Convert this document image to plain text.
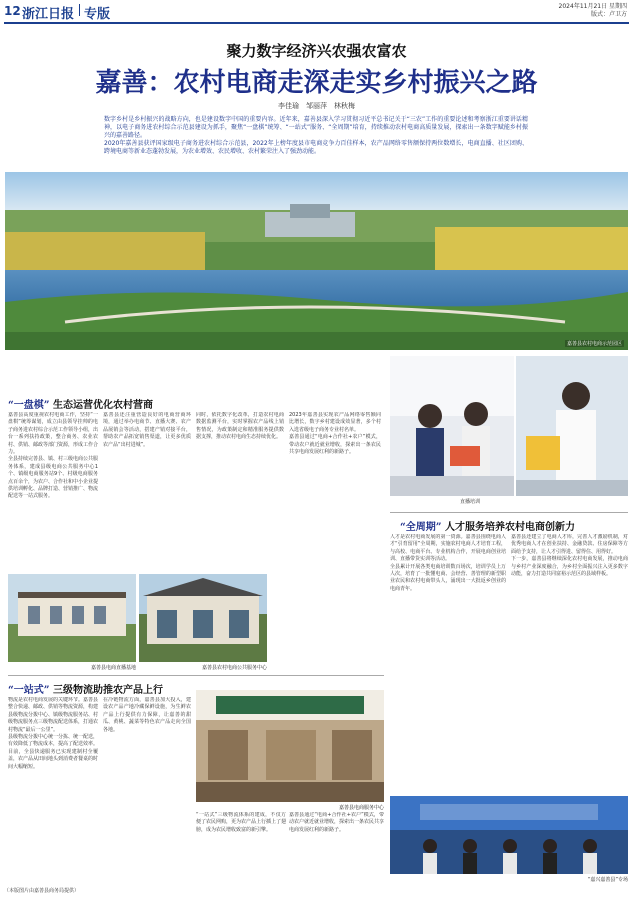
12 浙江日报 专版
2024年11月21日 星期四
版式：卢卫方
聚力数字经济兴农强农富农
嘉善：农村电商走深走实乡村振兴之路
李佳瑜　邹丽萍　林秋梅
数字乡村是乡村振兴的战略方向，也是建设数字中国的重要内容。近年来，嘉善县深入学习贯彻习近平总书记关于“三农”工作的重要论述和考察浙江重要讲话精神，以电子商务进农村综合示范县建设为抓手，聚焦“一盘棋”统筹、“一站式”服务、“全周期”培育，持续推动农村电商高质量发展，探索出一条数字赋能乡村振兴的嘉善路径。
2020年嘉善县获评国家级电子商务进农村综合示范县，2022年上榜年度县市电商竞争力百佳样本，农产品网络零售额保持两位数增长，电商直播、社区团购、跨境电商等新业态蓬勃发展，为农业增效、农民增收、农村繁荣注入了强劲动能。
嘉善县农村电商示范园区
“一盘棋” 生态运营优化农村营商

嘉善县高度重视农村电商工作，坚持“一盘棋”统筹谋划，成立由县领导挂帅的电子商务进农村综合示范工作领导小组，出台一系列扶持政策，整合商务、农业农村、供销、邮政等部门资源，形成工作合力。

全县持续完善县、镇、村三级电商公共服务体系，建成县级电商公共服务中心1个、镇级电商服务站9个、村级电商服务点百余个，为农户、合作社和中小企业提供培训孵化、品牌打造、营销推广、物流配送等一站式服务。

嘉善县还注重营造良好的电商营商环境，通过举办电商节、直播大赛、农产品展销会等活动，搭建产销对接平台，帮助农产品拓宽销售渠道，让更多优质农产品“出村进城”。

同时，依托数字化改革，打造农村电商数据监测平台，实时掌握农产品线上销售情况，为政策制定和精准服务提供数据支撑，推动农村电商生态持续优化。

2023年嘉善县实现农产品网络零售额同比增长，数字乡村建设成效显著，多个村入选省级电子商务专业村名单。

嘉善县通过“电商+合作社+农户”模式，带动农户就近就业增收，探索出一条农民共享电商发展红利的新路子。

嘉善县电商直播基地	嘉善县农村电商公共服务中心
“一站式” 三级物流助推农产品上行

物流是农村电商发展的关键环节。嘉善县整合快递、邮政、供销等物流资源，构建县级物流分拨中心、镇级物流服务站、村级物流服务点三级物流配送体系，打通农村物流“最后一公里”。

县级物流分拨中心统一分拣、统一配送，有效降低了物流成本，提高了配送效率。目前，全县快递服务已实现建制村全覆盖，农产品从田间地头到消费者餐桌的时间大幅缩短。

在冷链物流方面，嘉善县加大投入，建设农产品产地冷藏保鲜设施，为生鲜农产品上行提供有力保障，让嘉善的甜瓜、黄桃、蔬菜等特色农产品走向全国各地。

嘉善县电商服务中心

“一站式”三级物流体系的建成，不仅方便了农民网购，更为农产品上行插上了翅膀，成为农民增收致富的新引擎。

嘉善县通过“电商+合作社+农户”模式，带动农户就近就业增收，探索出一条农民共享电商发展红利的新路子。

直播培训
“全周期” 人才服务培养农村电商创新力

人才是农村电商发展的第一资源。嘉善县围绕电商人才“引育留用”全周期，实施农村电商人才培育工程，与高校、电商平台、专业机构合作，开展电商创业培训、直播带货实训等活动。

全县累计开展各类电商培训数百场次，培训学员上万人次，培育了一批懂电商、会经营、善管理的新型职业农民和农村电商带头人，涌现出一大批返乡创业的电商青年。

嘉善县还建立了电商人才库，完善人才激励机制，对优秀电商人才在创业扶持、金融贷款、住房保障等方面给予支持，让人才引得进、留得住、用得好。

下一步，嘉善县将继续深化农村电商发展，推动电商与乡村产业深度融合，为乡村全面振兴注入更多数字动能，奋力打造共同富裕示范区的县域样板。

“嘉兴嘉善县”专场
（本版图片由嘉善县商务局提供）
